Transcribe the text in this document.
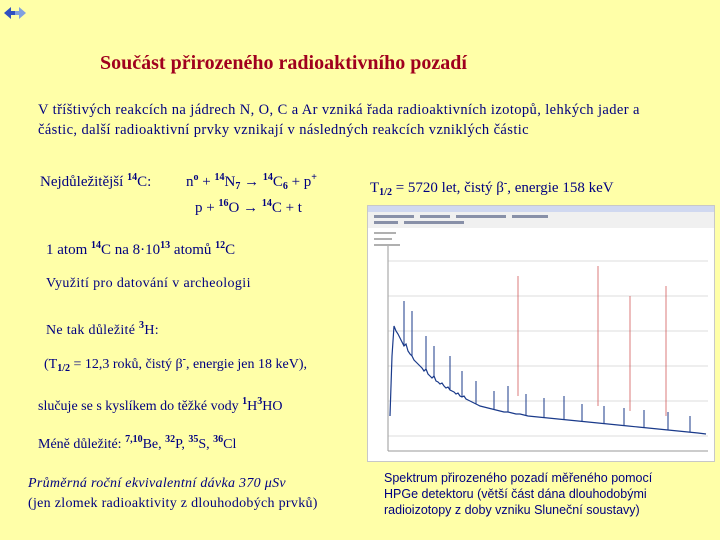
Součást přirozeného radioaktivního pozadí
V tříštivých reakcích na jádrech N, O, C a Ar vzniká řada radioaktivních izotopů, lehkých jader a částic, další radioaktivní prvky vznikají v následných reakcích vzniklých částic
Nejdůležitější $^{14}$C: $n^o + ^{14}N_7 \to ^{14}C_6 + p^+$
p + $^{16}$O → $^{14}$C + t
$T_{1/2} = 5720$ let, čistý β-, energie 158 keV
1 atom $^{14}$C na $8\cdot 10^{13}$ atomů $^{12}$C
Využití pro datování v archeologii
Ne tak důležité $^3$H:
($T_{1/2} = 12,3$ roků, čistý β-, energie jen 18 keV),
slučuje se s kyslíkem do těžké vody $^1H^3HO$
Méně důležité: $^{7,10}$Be, $^{32}$P, $^{35}$S, $^{36}$Cl
Průměrná roční ekvivalentní dávka 370 μSv
(jen zlomek radioaktivity z dlouhodobých prvků)
Spektrum přirozeného pozadí měřeného pomocí HPGe detektoru (větší část dána dlouhodobými radioizotopy z doby vzniku Sluneční soustavy)
